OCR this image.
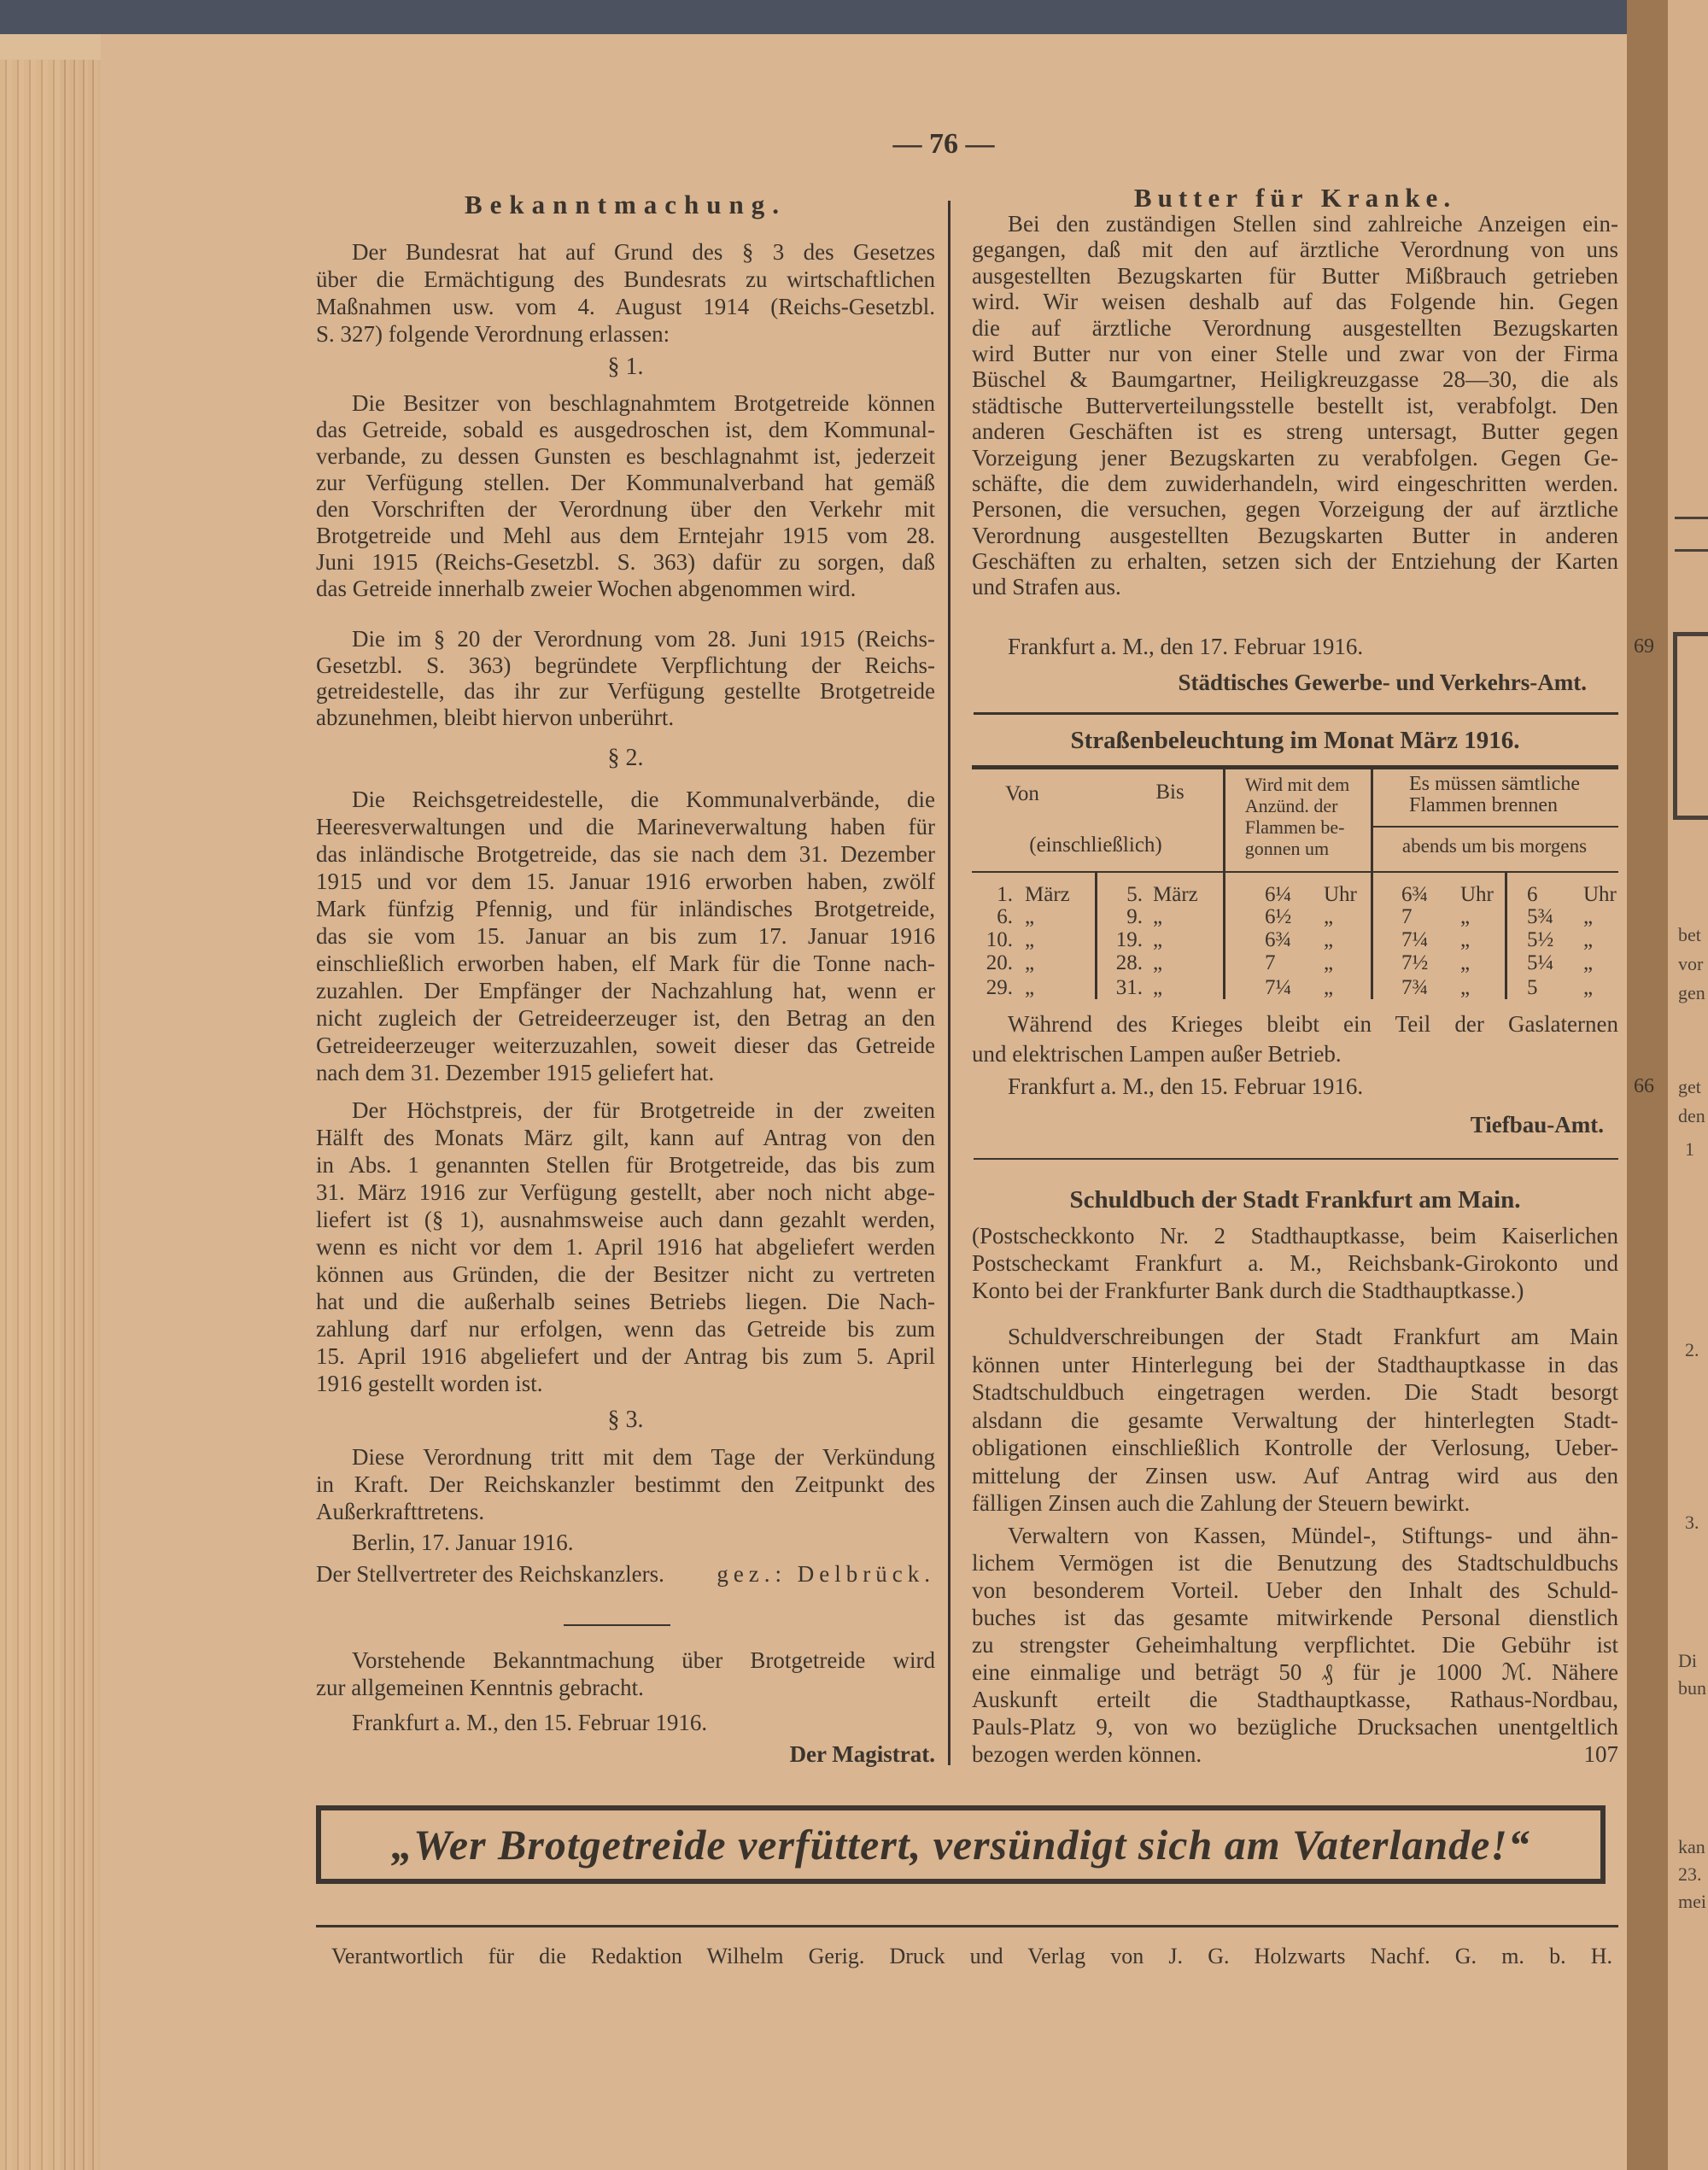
bet
vor
gen
get
den
1
2.
3.
Di
bun
kan
23.
mei
— 76 —
Bekanntmachung.
Der Bundesrat hat auf Grund des § 3 des Gesetzes
über die Ermächtigung des Bundesrats zu wirtschaftlichen
Maßnahmen usw. vom 4. August 1914 (Reichs-Gesetzbl.
S. 327) folgende Verordnung erlassen:
§ 1.
Die Besitzer von beschlagnahmtem Brotgetreide können
das Getreide, sobald es ausgedroschen ist, dem Kommunal-
verbande, zu dessen Gunsten es beschlagnahmt ist, jederzeit
zur Verfügung stellen. Der Kommunalverband hat gemäß
den Vorschriften der Verordnung über den Verkehr mit
Brotgetreide und Mehl aus dem Erntejahr 1915 vom 28.
Juni 1915 (Reichs-Gesetzbl. S. 363) dafür zu sorgen, daß
das Getreide innerhalb zweier Wochen abgenommen wird.
Die im § 20 der Verordnung vom 28. Juni 1915 (Reichs-
Gesetzbl. S. 363) begründete Verpflichtung der Reichs-
getreidestelle, das ihr zur Verfügung gestellte Brotgetreide
abzunehmen, bleibt hiervon unberührt.
§ 2.
Die Reichsgetreidestelle, die Kommunalverbände, die
Heeresverwaltungen und die Marineverwaltung haben für
das inländische Brotgetreide, das sie nach dem 31. Dezember
1915 und vor dem 15. Januar 1916 erworben haben, zwölf
Mark fünfzig Pfennig, und für inländisches Brotgetreide,
das sie vom 15. Januar an bis zum 17. Januar 1916
einschließlich erworben haben, elf Mark für die Tonne nach-
zuzahlen. Der Empfänger der Nachzahlung hat, wenn er
nicht zugleich der Getreideerzeuger ist, den Betrag an den
Getreideerzeuger weiterzuzahlen, soweit dieser das Getreide
nach dem 31. Dezember 1915 geliefert hat.
Der Höchstpreis, der für Brotgetreide in der zweiten
Hälft des Monats März gilt, kann auf Antrag von den
in Abs. 1 genannten Stellen für Brotgetreide, das bis zum
31. März 1916 zur Verfügung gestellt, aber noch nicht abge-
liefert ist (§ 1), ausnahmsweise auch dann gezahlt werden,
wenn es nicht vor dem 1. April 1916 hat abgeliefert werden
können aus Gründen, die der Besitzer nicht zu vertreten
hat und die außerhalb seines Betriebs liegen. Die Nach-
zahlung darf nur erfolgen, wenn das Getreide bis zum
15. April 1916 abgeliefert und der Antrag bis zum 5. April
1916 gestellt worden ist.
§ 3.
Diese Verordnung tritt mit dem Tage der Verkündung
in Kraft. Der Reichskanzler bestimmt den Zeitpunkt des
Außerkrafttretens.
Berlin, 17. Januar 1916.
Der Stellvertreter des Reichskanzlers. gez.: Delbrück.
Vorstehende Bekanntmachung über Brotgetreide wird
zur allgemeinen Kenntnis gebracht.
Frankfurt a. M., den 15. Februar 1916.
Der Magistrat.
Butter für Kranke.
Bei den zuständigen Stellen sind zahlreiche Anzeigen ein-
gegangen, daß mit den auf ärztliche Verordnung von uns
ausgestellten Bezugskarten für Butter Mißbrauch getrieben
wird. Wir weisen deshalb auf das Folgende hin. Gegen
die auf ärztliche Verordnung ausgestellten Bezugskarten
wird Butter nur von einer Stelle und zwar von der Firma
Büschel & Baumgartner, Heiligkreuzgasse 28—30, die als
städtische Butterverteilungsstelle bestellt ist, verabfolgt. Den
anderen Geschäften ist es streng untersagt, Butter gegen
Vorzeigung jener Bezugskarten zu verabfolgen. Gegen Ge-
schäfte, die dem zuwiderhandeln, wird eingeschritten werden.
Personen, die versuchen, gegen Vorzeigung der auf ärztliche
Verordnung ausgestellten Bezugskarten Butter in anderen
Geschäften zu erhalten, setzen sich der Entziehung der Karten
und Strafen aus.
Frankfurt a. M., den 17. Februar 1916.	69
Städtisches Gewerbe- und Verkehrs-Amt.
Straßenbeleuchtung im Monat März 1916.
Von	Bis
(einschließlich)
Wird mit dem
Anzünd. der
Flammen be-
gonnen um
Es müssen sämtliche
Flammen brennen
abends um bis morgens
1. März	5. März	6¼ Uhr 6¾ Uhr 6 Uhr
6. „	9. „	6½ „	7 „	5¾ „
10. „	19. „	6¾ „	7¼ „	5½ „
20. „	28. „	7 „	7½ „	5¼ „
29. „	31. „	7¼ „	7¾ „	5 „
Während des Krieges bleibt ein Teil der Gaslaternen
und elektrischen Lampen außer Betrieb.
Frankfurt a. M., den 15. Februar 1916.	66
Tiefbau-Amt.
Schuldbuch der Stadt Frankfurt am Main.
(Postscheckkonto Nr. 2 Stadthauptkasse, beim Kaiserlichen
Postscheckamt Frankfurt a. M., Reichsbank-Girokonto und
Konto bei der Frankfurter Bank durch die Stadthauptkasse.)
Schuldverschreibungen der Stadt Frankfurt am Main
können unter Hinterlegung bei der Stadthauptkasse in das
Stadtschuldbuch eingetragen werden. Die Stadt besorgt
alsdann die gesamte Verwaltung der hinterlegten Stadt-
obligationen einschließlich Kontrolle der Verlosung, Ueber-
mittelung der Zinsen usw. Auf Antrag wird aus den
fälligen Zinsen auch die Zahlung der Steuern bewirkt.
Verwaltern von Kassen, Mündel-, Stiftungs- und ähn-
lichem Vermögen ist die Benutzung des Stadtschuldbuchs
von besonderem Vorteil. Ueber den Inhalt des Schuld-
buches ist das gesamte mitwirkende Personal dienstlich
zu strengster Geheimhaltung verpflichtet. Die Gebühr ist
eine einmalige und beträgt 50 ₰ für je 1000 ℳ. Nähere
Auskunft erteilt die Stadthauptkasse, Rathaus-Nordbau,
Pauls-Platz 9, von wo bezügliche Drucksachen unentgeltlich
bezogen werden können.	107
„Wer Brotgetreide verfüttert, versündigt sich am Vaterlande!“
Verantwortlich für die Redaktion Wilhelm Gerig. Druck und Verlag von J. G. Holzwarts Nachf. G. m. b. H.
